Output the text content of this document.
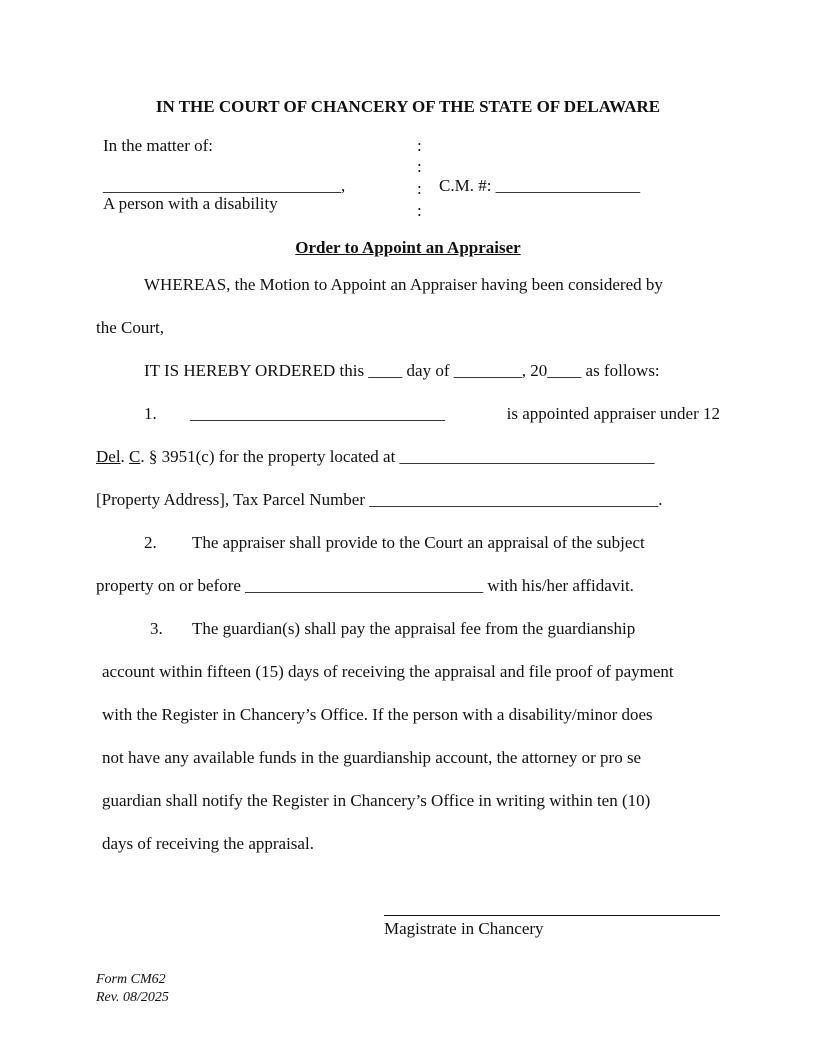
IN THE COURT OF CHANCERY OF THE STATE OF DELAWARE
In the matter of:
____________________________,
A person with a disability
:
:
:
:
C.M. #: _________________
Order to Appoint an Appraiser
WHEREAS, the Motion to Appoint an Appraiser having been considered by
the Court,
IT IS HEREBY ORDERED this ____ day of ________, 20____ as follows:
1. ______________________________	is appointed appraiser under 12
Del. C. § 3951(c) for the property located at ______________________________
[Property Address], Tax Parcel Number __________________________________.
2. The appraiser shall provide to the Court an appraisal of the subject
property on or before ____________________________ with his/her affidavit.
3. The guardian(s) shall pay the appraisal fee from the guardianship
account within fifteen (15) days of receiving the appraisal and file proof of payment
with the Register in Chancery’s Office. If the person with a disability/minor does
not have any available funds in the guardianship account, the attorney or pro se
guardian shall notify the Register in Chancery’s Office in writing within ten (10)
days of receiving the appraisal.
Magistrate in Chancery
Form CM62
Rev. 08/2025
